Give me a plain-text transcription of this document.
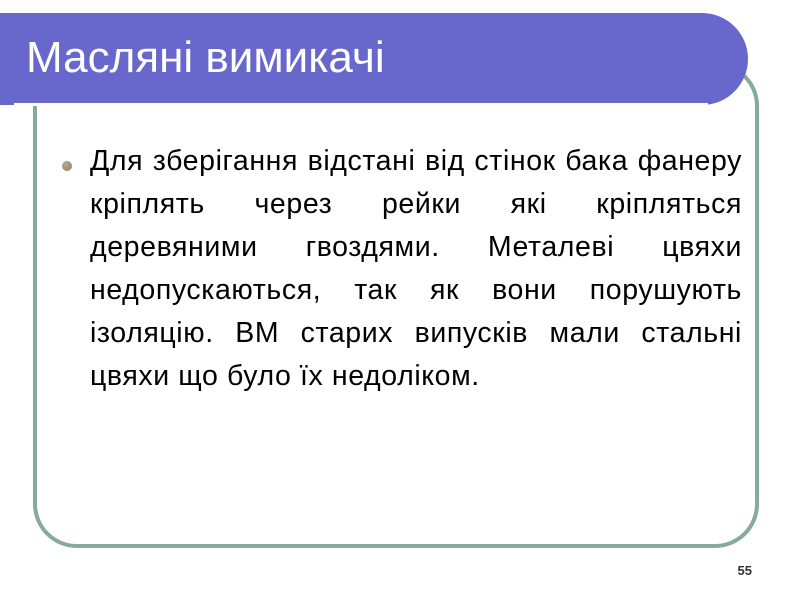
Масляні вимикачі
Для зберігання відстані від стінок бака фанеру кріплять через рейки які кріпляться деревяними гвоздями. Металеві цвяхи недопускаються, так як вони порушують ізоляцію. ВМ старих випусків мали стальні цвяхи що було їх недоліком.
55
